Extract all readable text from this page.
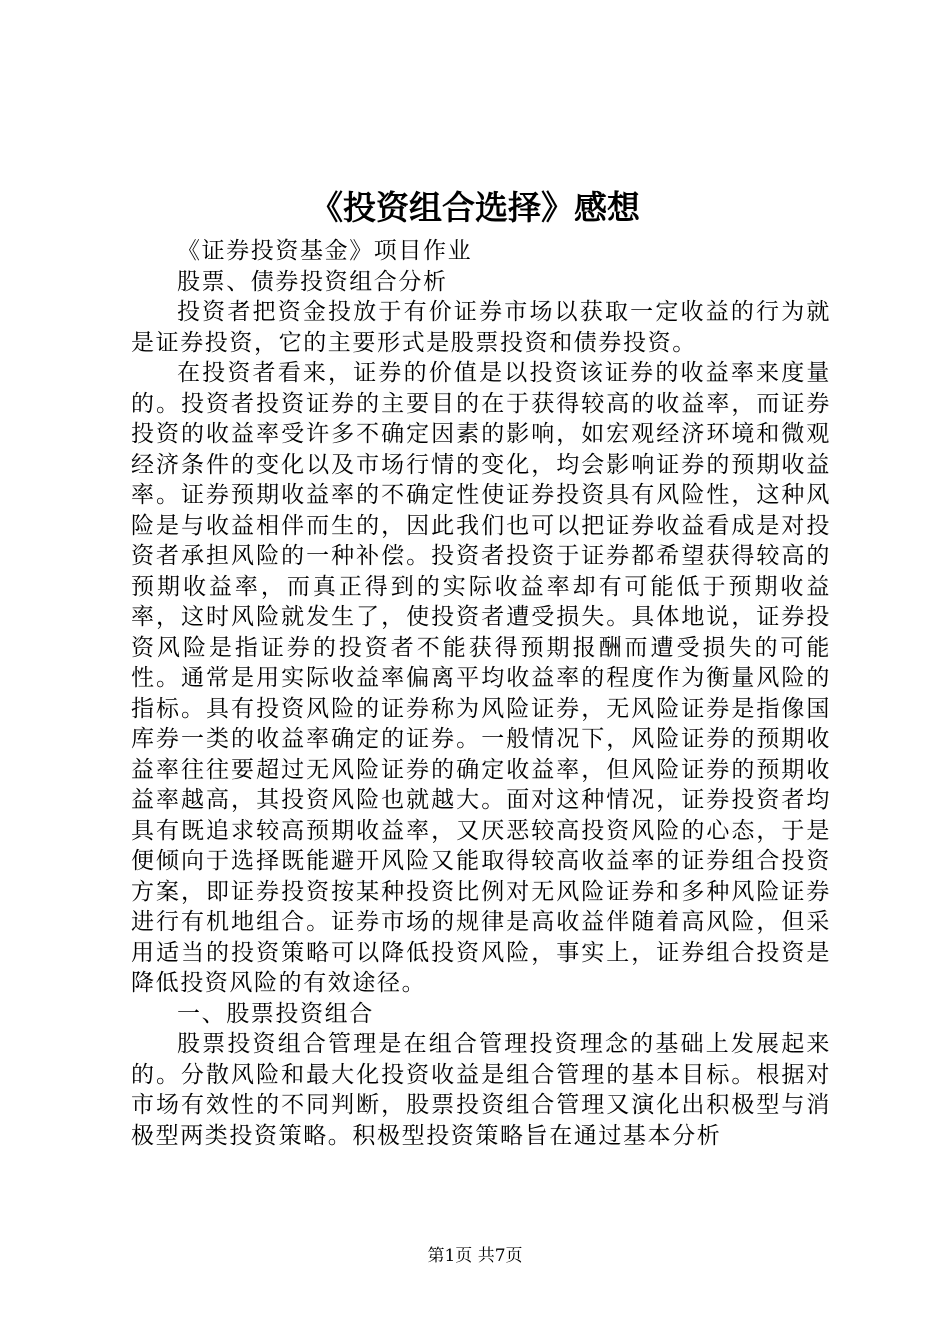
《投资组合选择》感想

《证券投资基金》项目作业

股票、债券投资组合分析

投资者把资金投放于有价证券市场以获取一定收益的行为就是证券投资，它的主要形式是股票投资和债券投资。

在投资者看来，证券的价值是以投资该证券的收益率来度量的。投资者投资证券的主要目的在于获得较高的收益率，而证券投资的收益率受许多不确定因素的影响，如宏观经济环境和微观经济条件的变化以及市场行情的变化，均会影响证券的预期收益率。证券预期收益率的不确定性使证券投资具有风险性，这种风险是与收益相伴而生的，因此我们也可以把证券收益看成是对投资者承担风险的一种补偿。投资者投资于证券都希望获得较高的预期收益率，而真正得到的实际收益率却有可能低于预期收益率，这时风险就发生了，使投资者遭受损失。具体地说，证券投资风险是指证券的投资者不能获得预期报酬而遭受损失的可能性。通常是用实际收益率偏离平均收益率的程度作为衡量风险的指标。具有投资风险的证券称为风险证券，无风险证券是指像国库券一类的收益率确定的证券。一般情况下，风险证券的预期收益率往往要超过无风险证券的确定收益率，但风险证券的预期收益率越高，其投资风险也就越大。面对这种情况，证券投资者均具有既追求较高预期收益率，又厌恶较高投资风险的心态，于是便倾向于选择既能避开风险又能取得较高收益率的证券组合投资方案，即证券投资按某种投资比例对无风险证券和多种风险证券进行有机地组合。证券市场的规律是高收益伴随着高风险，但采用适当的投资策略可以降低投资风险，事实上，证券组合投资是降低投资风险的有效途径。

一、股票投资组合

股票投资组合管理是在组合管理投资理念的基础上发展起来的。分散风险和最大化投资收益是组合管理的基本目标。根据对市场有效性的不同判断，股票投资组合管理又演化出积极型与消极型两类投资策略。积极型投资策略旨在通过基本分析

第1页 共7页
